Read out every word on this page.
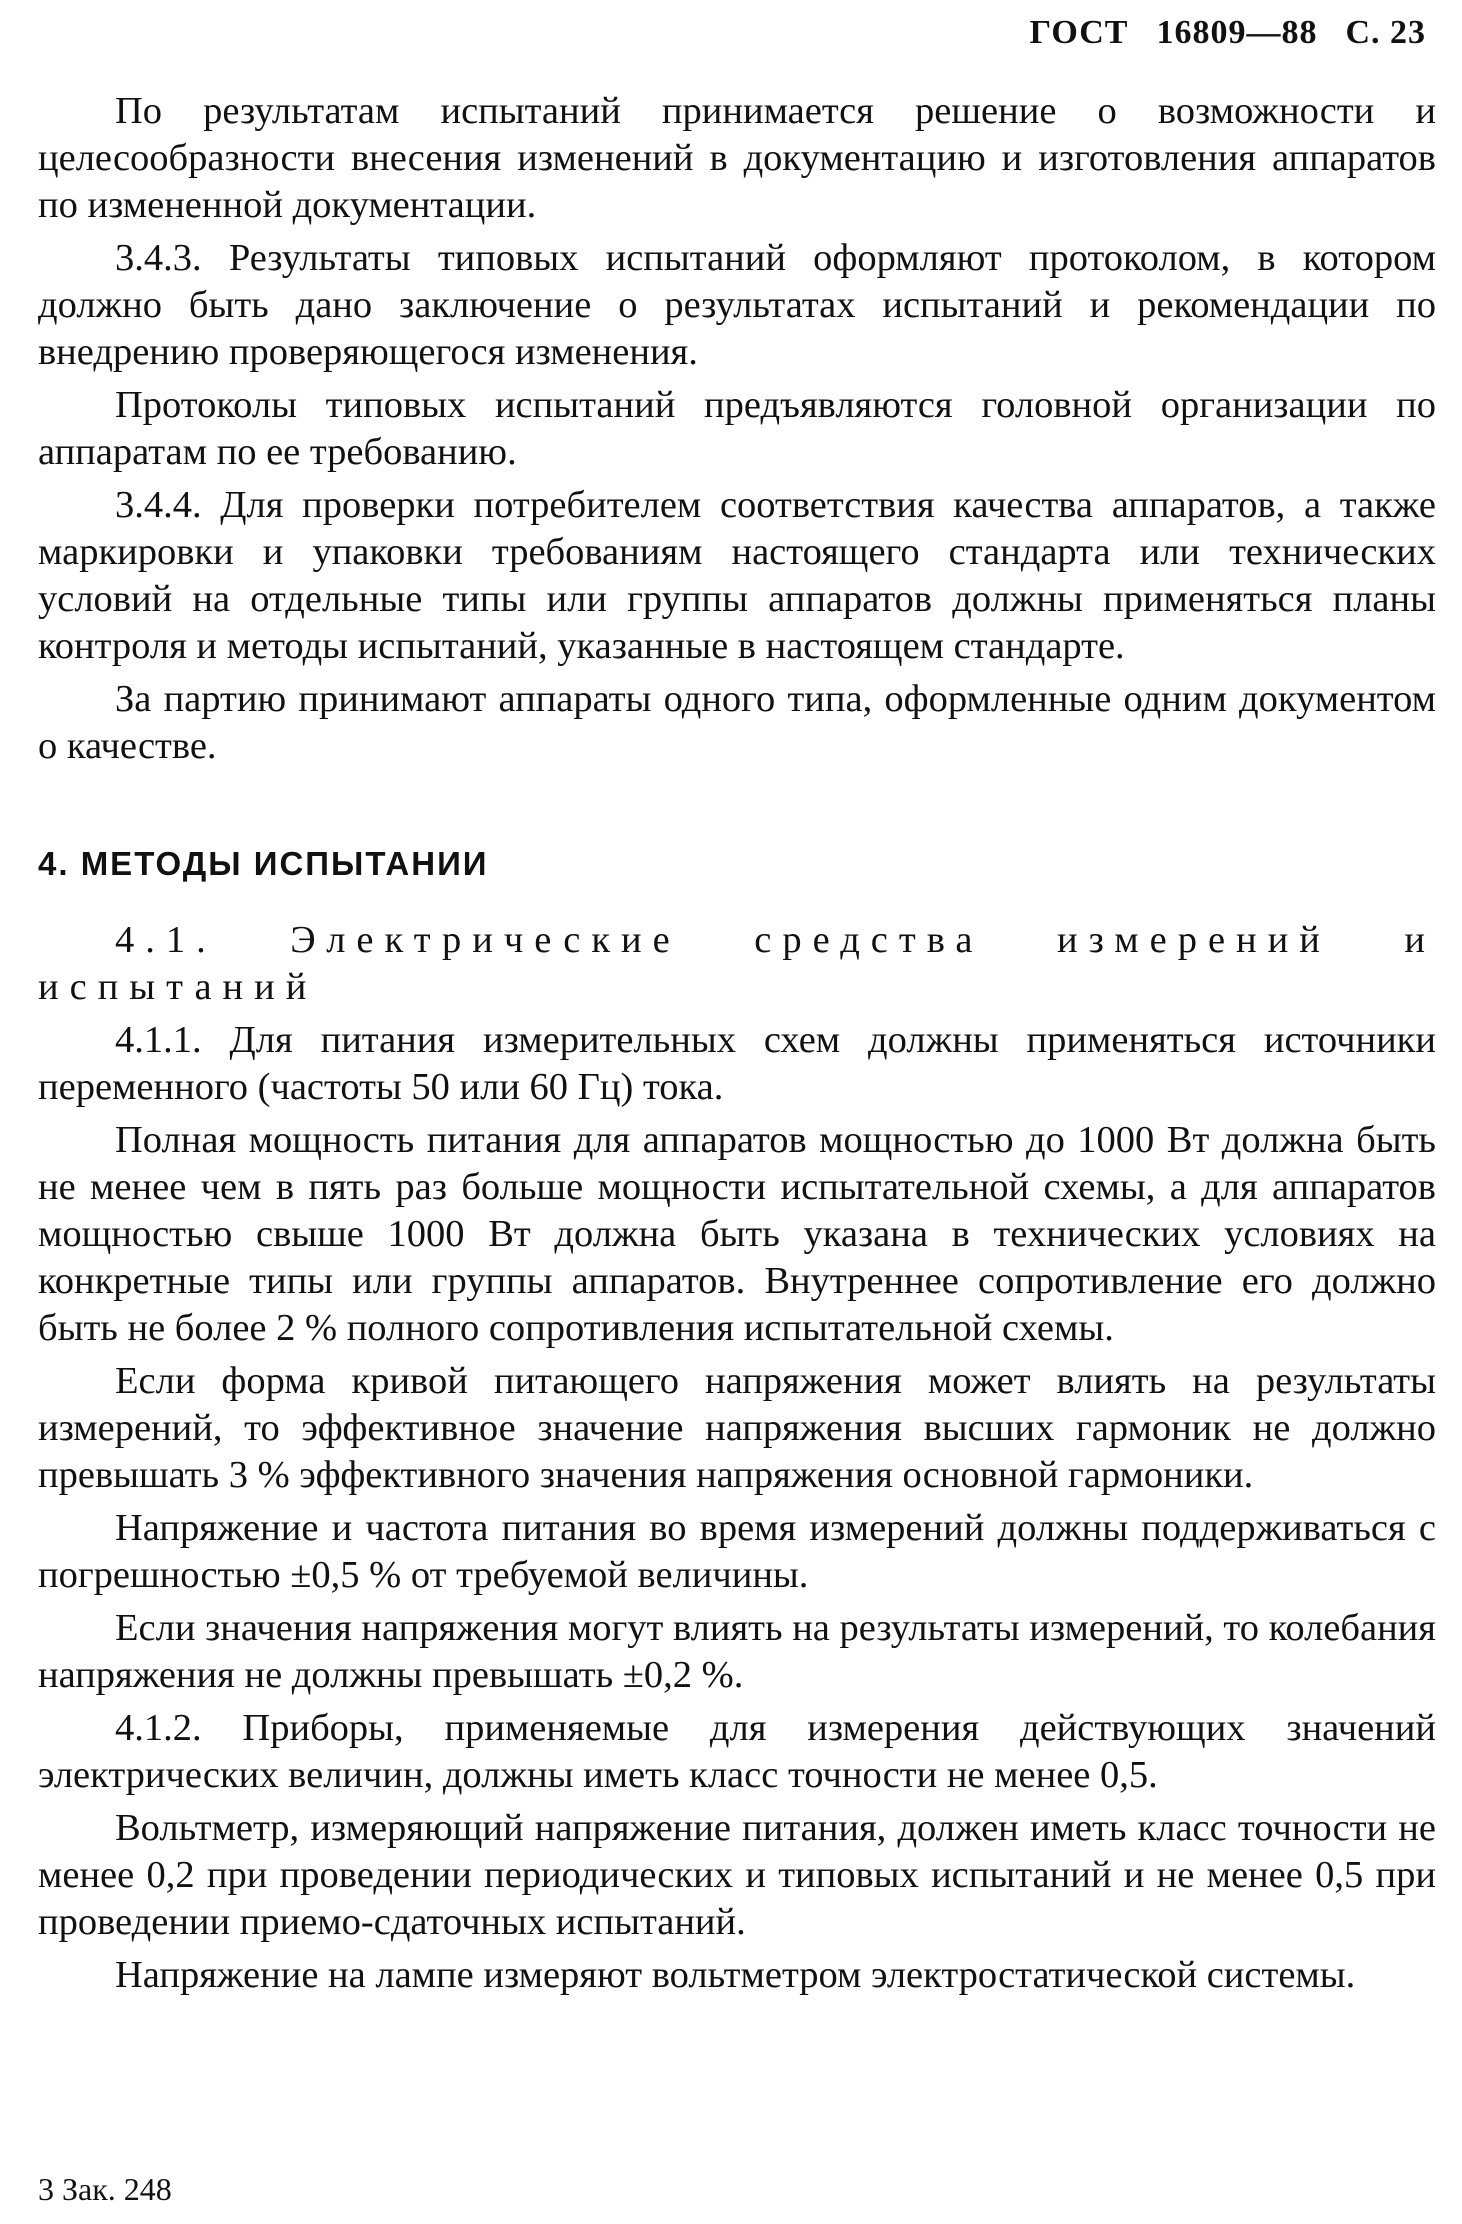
ГОСТ 16809—88 С. 23

По результатам испытаний принимается решение о возможности и целесообразности внесения изменений в документацию и изготовления аппаратов по измененной документации.

3.4.3. Результаты типовых испытаний оформляют протоколом, в котором должно быть дано заключение о результатах испытаний и рекомендации по внедрению проверяющегося изменения.

Протоколы типовых испытаний предъявляются головной организации по аппаратам по ее требованию.

3.4.4. Для проверки потребителем соответствия качества аппаратов, а также маркировки и упаковки требованиям настоящего стандарта или технических условий на отдельные типы или группы аппаратов должны применяться планы контроля и методы испытаний, указанные в настоящем стандарте.

За партию принимают аппараты одного типа, оформленные одним документом о качестве.

4. МЕТОДЫ ИСПЫТАНИИ

4.1. Электрические средства измерений и испытаний

4.1.1. Для питания измерительных схем должны применяться источники переменного (частоты 50 или 60 Гц) тока.

Полная мощность питания для аппаратов мощностью до 1000 Вт должна быть не менее чем в пять раз больше мощности испытательной схемы, а для аппаратов мощностью свыше 1000 Вт должна быть указана в технических условиях на конкретные типы или группы аппаратов. Внутреннее сопротивление его должно быть не более 2 % полного сопротивления испытательной схемы.

Если форма кривой питающего напряжения может влиять на результаты измерений, то эффективное значение напряжения высших гармоник не должно превышать 3 % эффективного значения напряжения основной гармоники.

Напряжение и частота питания во время измерений должны поддерживаться с погрешностью ±0,5 % от требуемой величины.

Если значения напряжения могут влиять на результаты измерений, то колебания напряжения не должны превышать ±0,2 %.

4.1.2. Приборы, применяемые для измерения действующих значений электрических величин, должны иметь класс точности не менее 0,5.

Вольтметр, измеряющий напряжение питания, должен иметь класс точности не менее 0,2 при проведении периодических и типовых испытаний и не менее 0,5 при проведении приемо-сдаточных испытаний.

Напряжение на лампе измеряют вольтметром электростатической системы.

3 Зак. 248
